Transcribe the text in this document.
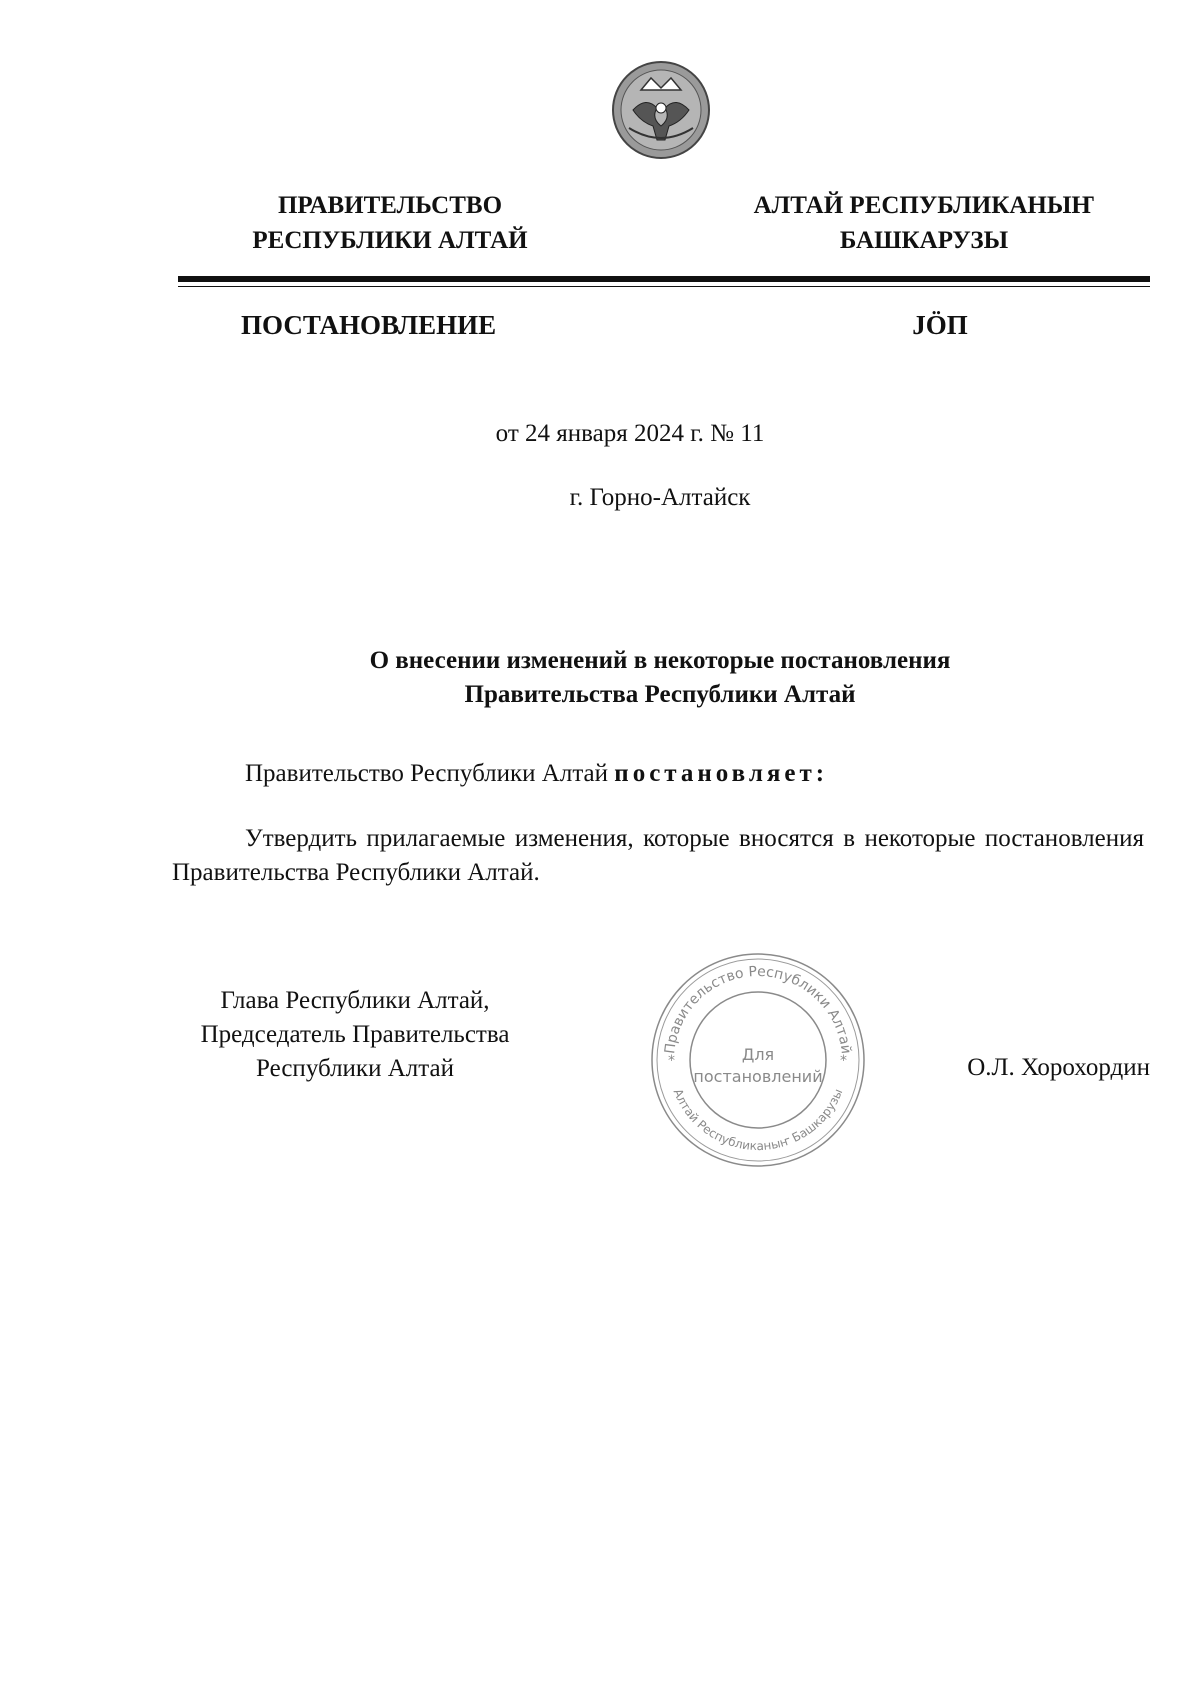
ПРАВИТЕЛЬСТВО
РЕСПУБЛИКИ АЛТАЙ
АЛТАЙ РЕСПУБЛИКАНЫҤ
БАШКАРУЗЫ
ПОСТАНОВЛЕНИЕ	JÖП
от 24 января 2024 г. № 11
г. Горно-Алтайск
О внесении изменений в некоторые постановления
Правительства Республики Алтай
Правительство Республики Алтай постановляет:
Утвердить прилагаемые изменения, которые вносятся в некоторые постановления Правительства Республики Алтай.
Глава Республики Алтай,
Председатель Правительства
Республики Алтай
Правительство Республики Алтай
Алтай Республиканыҥ Башкарузы
*	*
Для
постановлений	О.Л. Хорохордин
